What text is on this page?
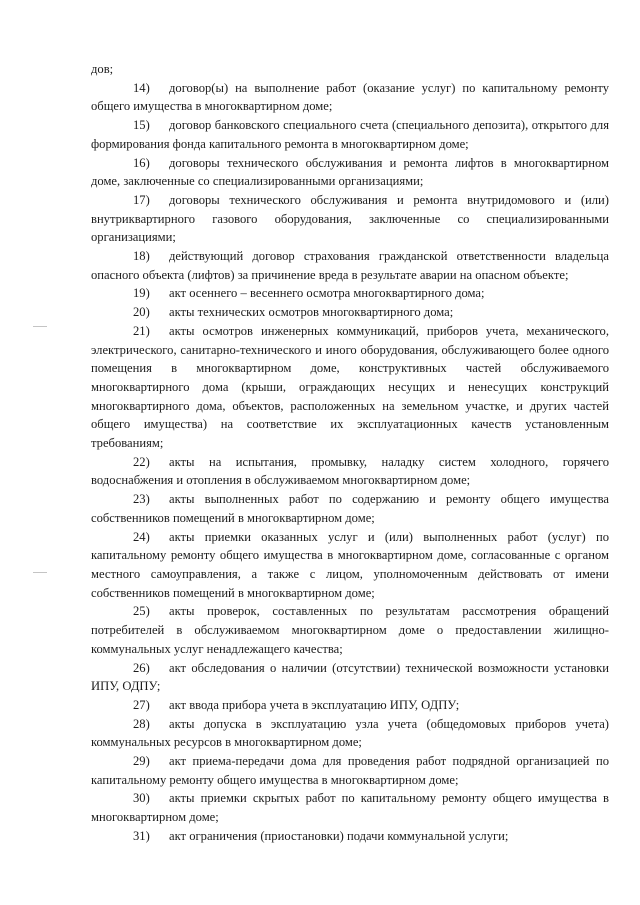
дов;

14) договор(ы) на выполнение работ (оказание услуг) по капитальному ремонту общего имущества в многоквартирном доме;

15) договор банковского специального счета (специального депозита), открытого для формирования фонда капитального ремонта в многоквартирном доме;

16) договоры технического обслуживания и ремонта лифтов в многоквартирном доме, заключенные со специализированными организациями;

17) договоры технического обслуживания и ремонта внутридомового и (или) внутриквартирного газового оборудования, заключенные со специализированными организациями;

18) действующий договор страхования гражданской ответственности владельца опасного объекта (лифтов) за причинение вреда в результате аварии на опасном объекте;

19) акт осеннего – весеннего осмотра многоквартирного дома;

20) акты технических осмотров многоквартирного дома;

21) акты осмотров инженерных коммуникаций, приборов учета, механического, электрического, санитарно-технического и иного оборудования, обслуживающего более одного помещения в многоквартирном доме, конструктивных частей обслуживаемого многоквартирного дома (крыши, ограждающих несущих и ненесущих конструкций многоквартирного дома, объектов, расположенных на земельном участке, и других частей общего имущества) на соответствие их эксплуатационных качеств установленным требованиям;

22) акты на испытания, промывку, наладку систем холодного, горячего водоснабжения и отопления в обслуживаемом многоквартирном доме;

23) акты выполненных работ по содержанию и ремонту общего имущества собственников помещений в многоквартирном доме;

24) акты приемки оказанных услуг и (или) выполненных работ (услуг) по капитальному ремонту общего имущества в многоквартирном доме, согласованные с органом местного самоуправления, а также с лицом, уполномоченным действовать от имени собственников помещений в многоквартирном доме;

25) акты проверок, составленных по результатам рассмотрения обращений потребителей в обслуживаемом многоквартирном доме о предоставлении жилищно-коммунальных услуг ненадлежащего качества;

26) акт обследования о наличии (отсутствии) технической возможности установки ИПУ, ОДПУ;

27) акт ввода прибора учета в эксплуатацию ИПУ, ОДПУ;

28) акты допуска в эксплуатацию узла учета (общедомовых приборов учета) коммунальных ресурсов в многоквартирном доме;

29) акт приема-передачи дома для проведения работ подрядной организацией по капитальному ремонту общего имущества в многоквартирном доме;

30) акты приемки скрытых работ по капитальному ремонту общего имущества в многоквартирном доме;

31) акт ограничения (приостановки) подачи коммунальной услуги;
